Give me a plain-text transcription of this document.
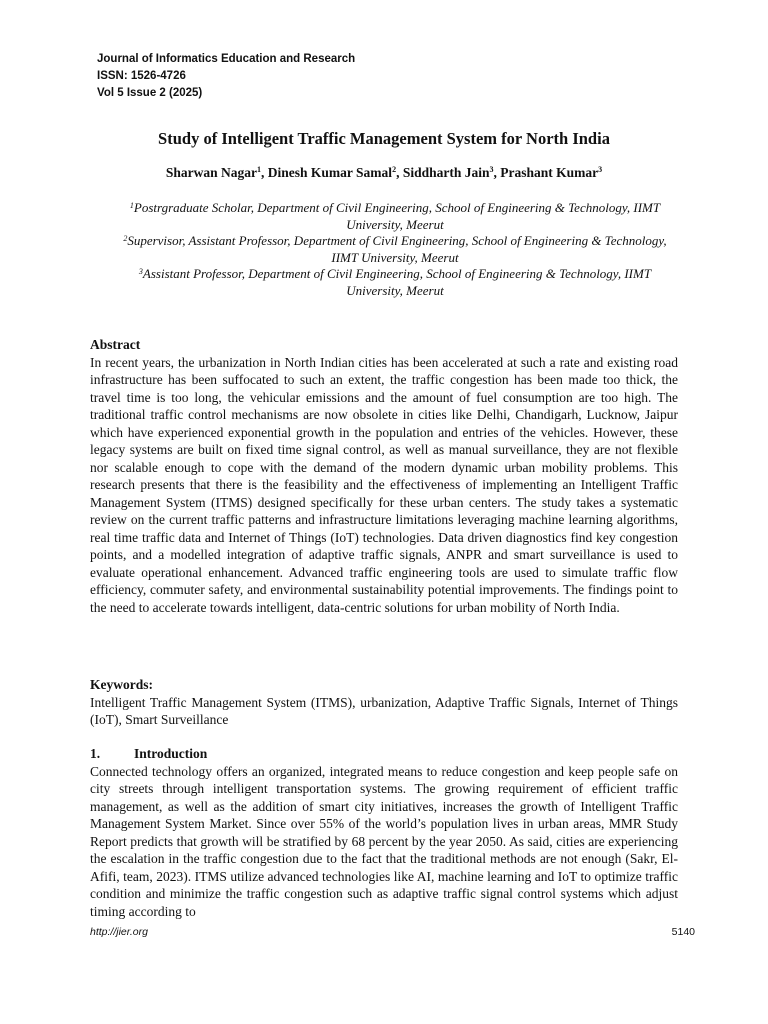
Journal of Informatics Education and Research
ISSN: 1526-4726
Vol 5 Issue 2 (2025)
Study of Intelligent Traffic Management System for North India
Sharwan Nagar$^1$, Dinesh Kumar Samal$^2$, Siddharth Jain$^3$, Prashant Kumar$^3$
$^1$Postrgraduate Scholar, Department of Civil Engineering, School of Engineering & Technology, IIMT University, Meerut
$^2$Supervisor, Assistant Professor, Department of Civil Engineering, School of Engineering & Technology, IIMT University, Meerut
$^3$Assistant Professor, Department of Civil Engineering, School of Engineering & Technology, IIMT University, Meerut
Abstract
In recent years, the urbanization in North Indian cities has been accelerated at such a rate and existing road infrastructure has been suffocated to such an extent, the traffic congestion has been made too thick, the travel time is too long, the vehicular emissions and the amount of fuel consumption are too high. The traditional traffic control mechanisms are now obsolete in cities like Delhi, Chandigarh, Lucknow, Jaipur which have experienced exponential growth in the population and entries of the vehicles. However, these legacy systems are built on fixed time signal control, as well as manual surveillance, they are not flexible nor scalable enough to cope with the demand of the modern dynamic urban mobility problems. This research presents that there is the feasibility and the effectiveness of implementing an Intelligent Traffic Management System (ITMS) designed specifically for these urban centers. The study takes a systematic review on the current traffic patterns and infrastructure limitations leveraging machine learning algorithms, real time traffic data and Internet of Things (IoT) technologies. Data driven diagnostics find key congestion points, and a modelled integration of adaptive traffic signals, ANPR and smart surveillance is used to evaluate operational enhancement. Advanced traffic engineering tools are used to simulate traffic flow efficiency, commuter safety, and environmental sustainability potential improvements. The findings point to the need to accelerate towards intelligent, data-centric solutions for urban mobility of North India.
Keywords:
Intelligent Traffic Management System (ITMS), urbanization, Adaptive Traffic Signals, Internet of Things (IoT), Smart Surveillance
1.	Introduction
Connected technology offers an organized, integrated means to reduce congestion and keep people safe on city streets through intelligent transportation systems. The growing requirement of efficient traffic management, as well as the addition of smart city initiatives, increases the growth of Intelligent Traffic Management System Market. Since over 55% of the world’s population lives in urban areas, MMR Study Report predicts that growth will be stratified by 68 percent by the year 2050. As said, cities are experiencing the escalation in the traffic congestion due to the fact that the traditional methods are not enough (Sakr, El-Afifi, team, 2023). ITMS utilize advanced technologies like AI, machine learning and IoT to optimize traffic condition and minimize the traffic congestion such as adaptive traffic signal control systems which adjust timing according to
http://jier.org	5140
